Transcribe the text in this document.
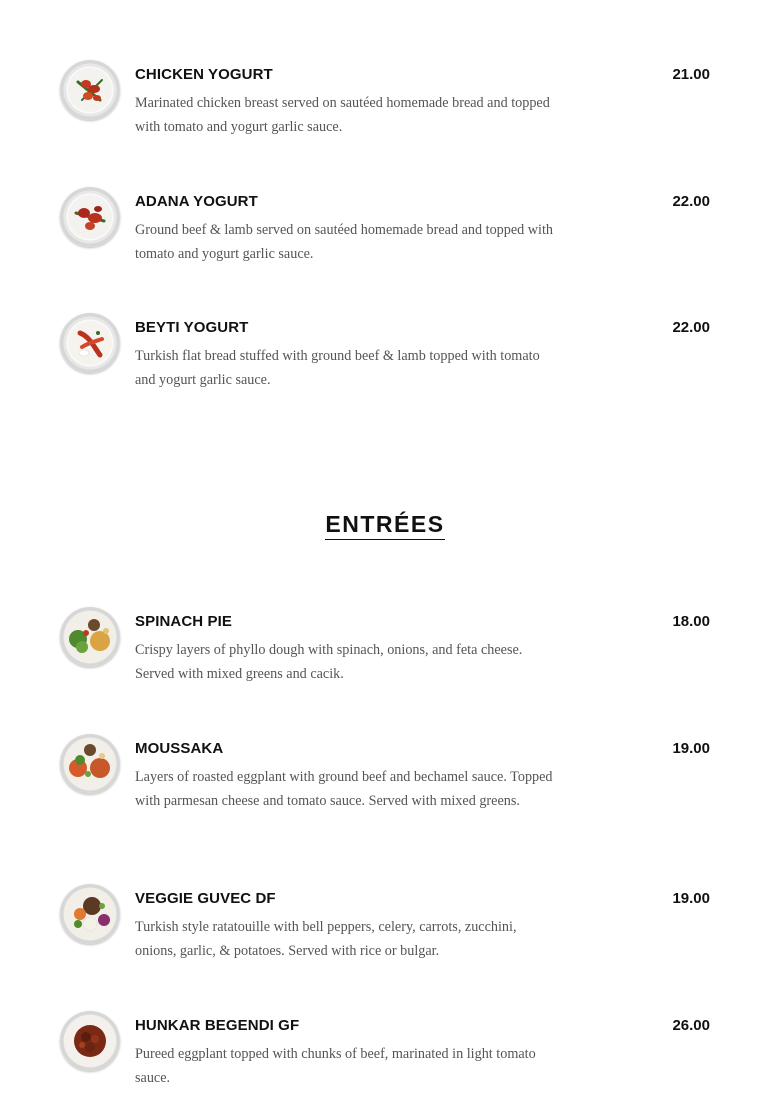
CHICKEN YOGURT	21.00
Marinated chicken breast served on sautéed homemade bread and topped with tomato and yogurt garlic sauce.
ADANA YOGURT	22.00
Ground beef & lamb served on sautéed homemade bread and topped with tomato and yogurt garlic sauce.
BEYTI YOGURT	22.00
Turkish flat bread stuffed with ground beef & lamb topped with tomato and yogurt garlic sauce.
ENTRÉES
SPINACH PIE	18.00
Crispy layers of phyllo dough with spinach, onions, and feta cheese. Served with mixed greens and cacik.
MOUSSAKA	19.00
Layers of roasted eggplant with ground beef and bechamel sauce. Topped with parmesan cheese and tomato sauce. Served with mixed greens.
VEGGIE GUVEC DF	19.00
Turkish style ratatouille with bell peppers, celery, carrots, zucchini, onions, garlic, & potatoes. Served with rice or bulgar.
HUNKAR BEGENDI GF	26.00
Pureed eggplant topped with chunks of beef, marinated in light tomato sauce.
